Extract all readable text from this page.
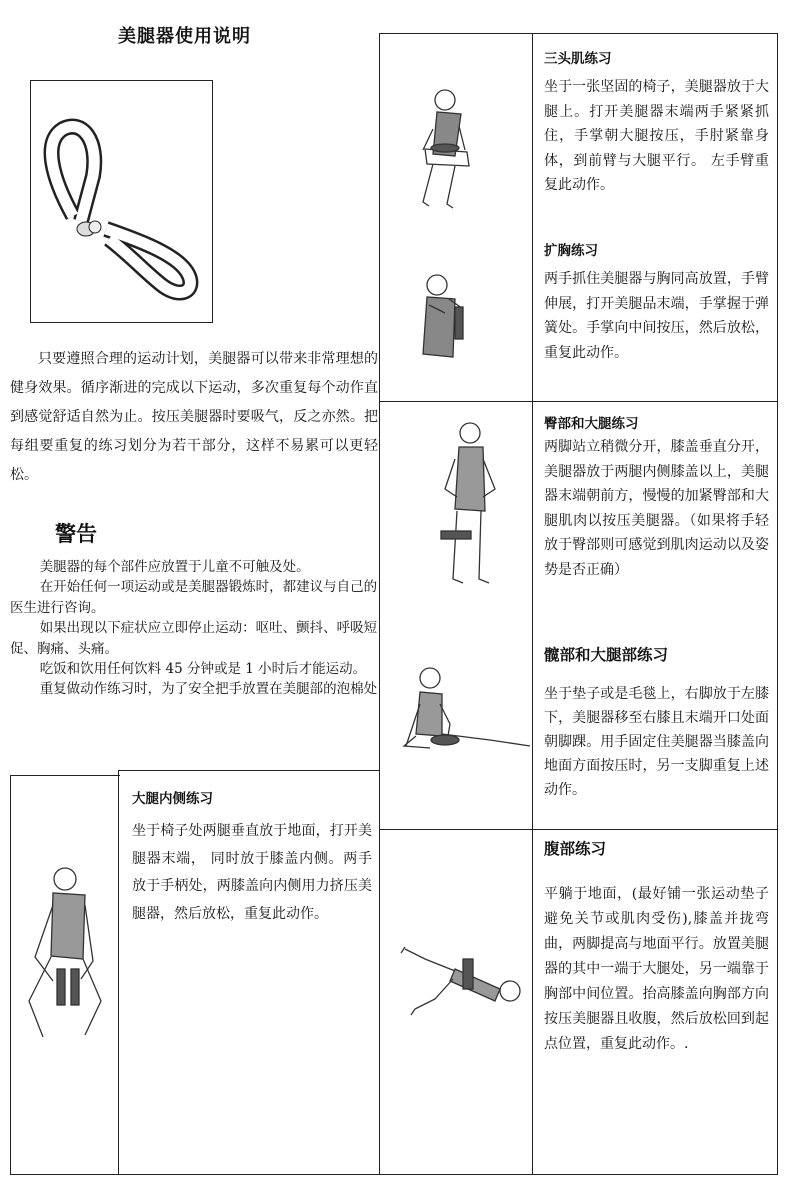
美腿器使用说明

只要遵照合理的运动计划，美腿器可以带来非常理想的健身效果。循序渐进的完成以下运动，多次重复每个动作直到感觉舒适自然为止。按压美腿器时要吸气，反之亦然。把每组要重复的练习划分为若干部分，这样不易累可以更轻松。

警告

美腿器的每个部件应放置于儿童不可触及处。

在开始任何一项运动或是美腿器锻炼时，都建议与自己的医生进行咨询。

如果出现以下症状应立即停止运动：呕吐、颤抖、呼吸短促、胸痛、头痛。

吃饭和饮用任何饮料 45 分钟或是 1 小时后才能运动。

重复做动作练习时，为了安全把手放置在美腿部的泡棉处

三头肌练习

坐于一张坚固的椅子，美腿器放于大腿上。打开美腿器末端两手紧紧抓住，手掌朝大腿按压，手肘紧靠身体，到前臂与大腿平行。 左手臂重复此动作。

扩胸练习

两手抓住美腿器与胸同高放置，手臂伸展，打开美腿品末端，手掌握于弹簧处。手掌向中间按压，然后放松，重复此动作。

臀部和大腿练习

两脚站立稍微分开，膝盖垂直分开，美腿器放于两腿内侧膝盖以上，美腿器末端朝前方，慢慢的加紧臀部和大腿肌肉以按压美腿器。（如果将手轻放于臀部则可感觉到肌肉运动以及姿势是否正确）

髋部和大腿部练习

坐于垫子或是毛毯上，右脚放于左膝下，美腿器移至右膝且末端开口处面朝脚踝。用手固定住美腿器当膝盖向地面方面按压时，另一支脚重复上述动作。

腹部练习

平躺于地面，(最好铺一张运动垫子避免关节或肌肉受伤),膝盖并拢弯曲，两脚提高与地面平行。放置美腿器的其中一端于大腿处，另一端靠于胸部中间位置。抬高膝盖向胸部方向按压美腿器且收腹，然后放松回到起点位置，重复此动作。.

大腿内侧练习

坐于椅子处两腿垂直放于地面，打开美腿器末端， 同时放于膝盖内侧。两手放于手柄处，两膝盖向内侧用力挤压美腿器，然后放松，重复此动作。
